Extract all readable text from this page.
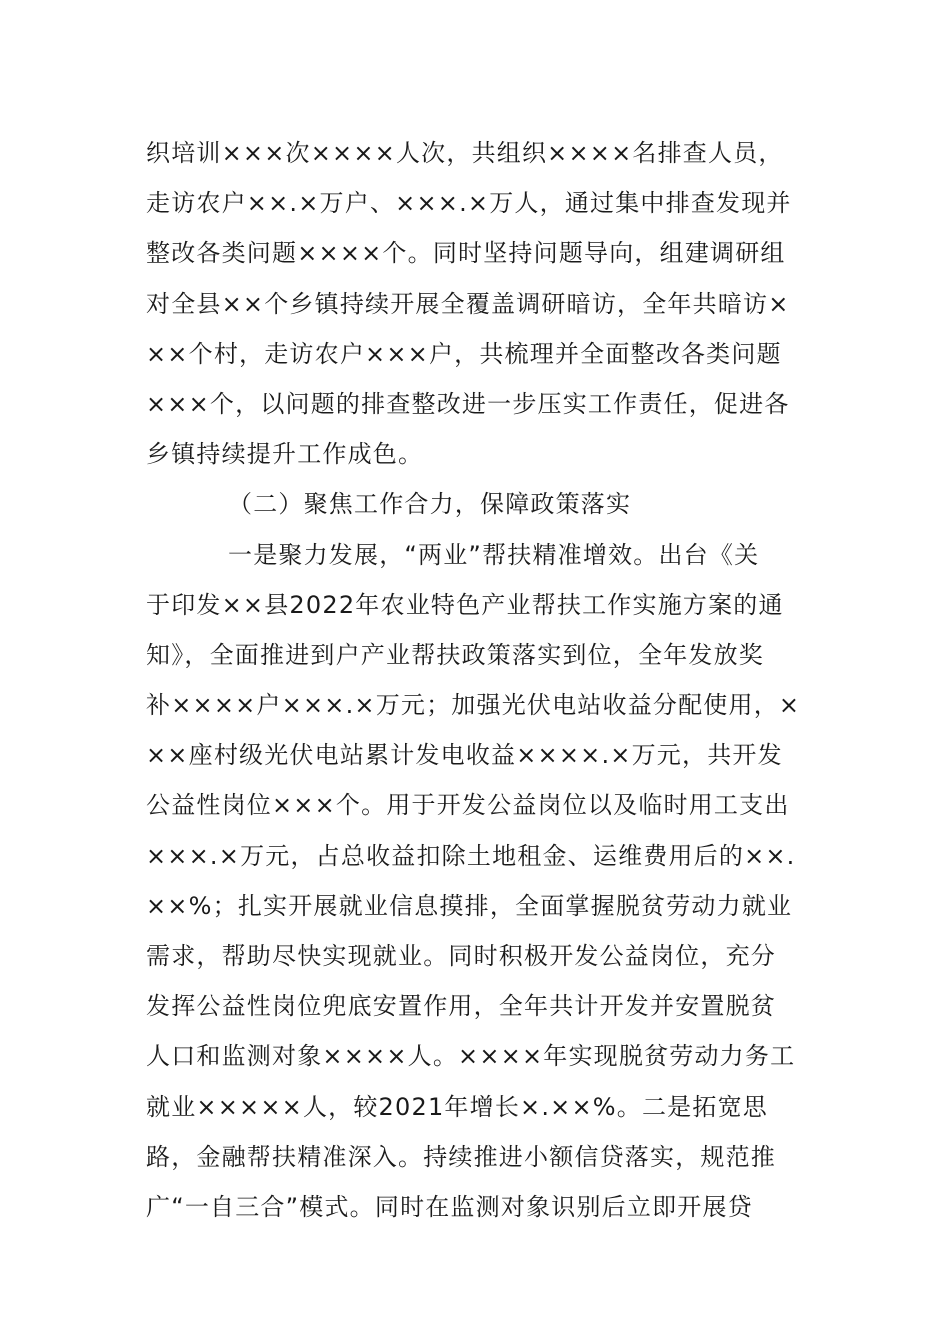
织培训×××次××××人次，共组织××××名排查人员，
走访农户××.×万户、×××.×万人，通过集中排查发现并
整改各类问题××××个。同时坚持问题导向，组建调研组
对全县××个乡镇持续开展全覆盖调研暗访，全年共暗访×
××个村，走访农户×××户，共梳理并全面整改各类问题
×××个，以问题的排查整改进一步压实工作责任，促进各
乡镇持续提升工作成色。
（二）聚焦工作合力，保障政策落实
一是聚力发展，“两业”帮扶精准增效。出台《关
于印发××县2022年农业特色产业帮扶工作实施方案的通
知》，全面推进到户产业帮扶政策落实到位，全年发放奖
补××××户×××.×万元；加强光伏电站收益分配使用，×
××座村级光伏电站累计发电收益××××.×万元，共开发
公益性岗位×××个。用于开发公益岗位以及临时用工支出
×××.×万元，占总收益扣除土地租金、运维费用后的××.
××%；扎实开展就业信息摸排，全面掌握脱贫劳动力就业
需求，帮助尽快实现就业。同时积极开发公益岗位，充分
发挥公益性岗位兜底安置作用，全年共计开发并安置脱贫
人口和监测对象××××人。××××年实现脱贫劳动力务工
就业×××××人，较2021年增长×.××%。二是拓宽思
路，金融帮扶精准深入。持续推进小额信贷落实，规范推
广“一自三合”模式。同时在监测对象识别后立即开展贷
